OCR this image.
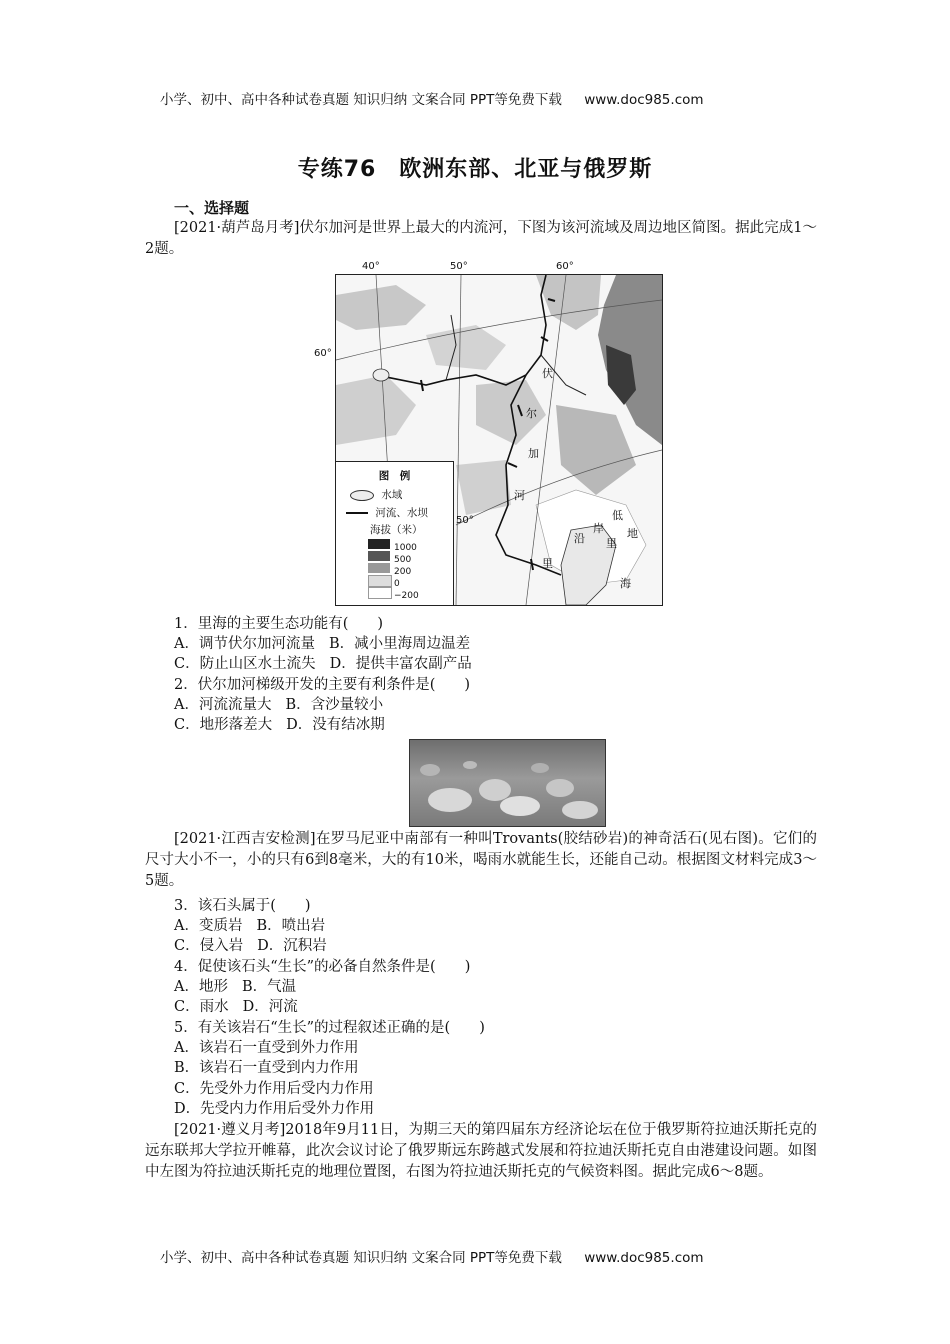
小学、初中、高中各种试卷真题 知识归纳 文案合同 PPT等免费下载 www.doc985.com
专练76　欧洲东部、北亚与俄罗斯
一、选择题
[2021·葫芦岛月考]伏尔加河是世界上最大的内流河，下图为该河流域及周边地区简图。据此完成1～2题。
40°	50°	60°
50°
伏
尔
加
河
沿
岸
低
地
里
海
里
图　例
水域
河流、水坝
海拔（米）
1000
500
200
0
−200
60°
1．里海的主要生态功能有(　　)
A．调节伏尔加河流量 B．减小里海周边温差
C．防止山区水土流失 D．提供丰富农副产品
2．伏尔加河梯级开发的主要有利条件是(　　)
A．河流流量大 B．含沙量较小
C．地形落差大 D．没有结冰期
[2021·江西吉安检测]在罗马尼亚中南部有一种叫Trovants(胶结砂岩)的神奇活石(见右图)。它们的尺寸大小不一，小的只有6到8毫米，大的有10米，喝雨水就能生长，还能自己动。根据图文材料完成3～5题。
3．该石头属于(　　)
A．变质岩 B．喷出岩
C．侵入岩 D．沉积岩
4．促使该石头“生长”的必备自然条件是(　　)
A．地形 B．气温
C．雨水 D．河流
5．有关该岩石“生长”的过程叙述正确的是(　　)
A．该岩石一直受到外力作用
B．该岩石一直受到内力作用
C．先受外力作用后受内力作用
D．先受内力作用后受外力作用
[2021·遵义月考]2018年9月11日，为期三天的第四届东方经济论坛在位于俄罗斯符拉迪沃斯托克的远东联邦大学拉开帷幕，此次会议讨论了俄罗斯远东跨越式发展和符拉迪沃斯托克自由港建设问题。如图中左图为符拉迪沃斯托克的地理位置图，右图为符拉迪沃斯托克的气候资料图。据此完成6～8题。
小学、初中、高中各种试卷真题 知识归纳 文案合同 PPT等免费下载 www.doc985.com
